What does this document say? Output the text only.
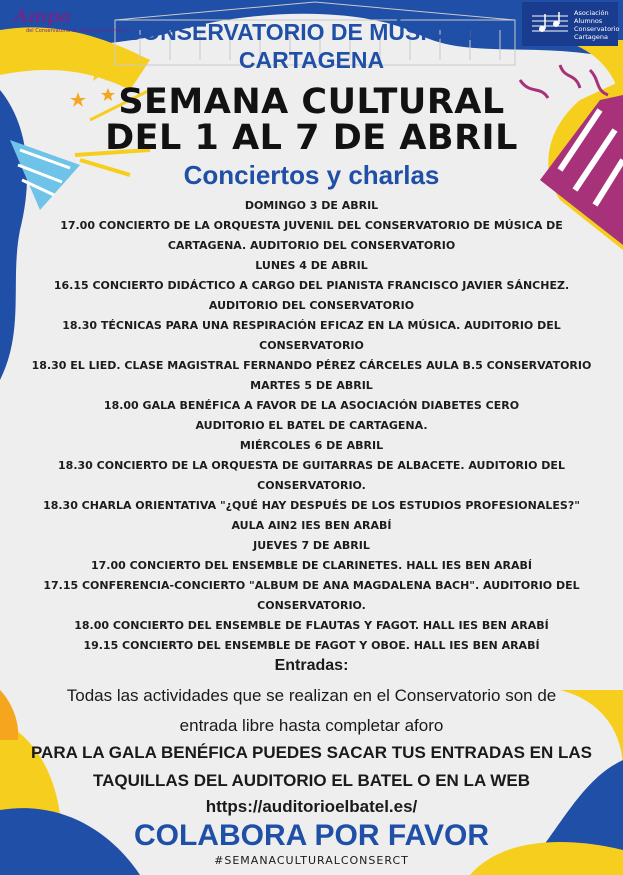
Ampa
del Conservatorio de Música de Cartagena
Asociación Alumnos Conservatorio Cartagena
CONSERVATORIO DE MÚSICA DE
CARTAGENA
SEMANA CULTURAL
DEL 1 AL 7 DE ABRIL
Conciertos y charlas
DOMINGO 3 DE ABRIL
17.00 CONCIERTO DE LA ORQUESTA JUVENIL DEL CONSERVATORIO DE MÚSICA DE
CARTAGENA. AUDITORIO DEL CONSERVATORIO
LUNES 4 DE ABRIL
16.15 CONCIERTO DIDÁCTICO A CARGO DEL PIANISTA FRANCISCO JAVIER SÁNCHEZ.
AUDITORIO DEL CONSERVATORIO
18.30 TÉCNICAS PARA UNA RESPIRACIÓN EFICAZ EN LA MÚSICA. AUDITORIO DEL
CONSERVATORIO
18.30 EL LIED. CLASE MAGISTRAL FERNANDO PÉREZ CÁRCELES AULA B.5 CONSERVATORIO
MARTES 5 DE ABRIL
18.00 GALA BENÉFICA A FAVOR DE LA ASOCIACIÓN DIABETES CERO
AUDITORIO EL BATEL DE CARTAGENA.
MIÉRCOLES 6 DE ABRIL
18.30 CONCIERTO DE LA ORQUESTA DE GUITARRAS DE ALBACETE. AUDITORIO DEL
CONSERVATORIO.
18.30 CHARLA ORIENTATIVA "¿QUÉ HAY DESPUÉS DE LOS ESTUDIOS PROFESIONALES?"
AULA AIN2 IES BEN ARABÍ
JUEVES 7 DE ABRIL
17.00 CONCIERTO DEL ENSEMBLE DE CLARINETES. HALL IES BEN ARABÍ
17.15 CONFERENCIA-CONCIERTO "ALBUM DE ANA MAGDALENA BACH". AUDITORIO DEL
CONSERVATORIO.
18.00 CONCIERTO DEL ENSEMBLE DE FLAUTAS Y FAGOT. HALL IES BEN ARABÍ
19.15 CONCIERTO DEL ENSEMBLE DE FAGOT Y OBOE. HALL IES BEN ARABÍ
Entradas:
Todas las actividades que se realizan en el Conservatorio son de
entrada libre hasta completar aforo
PARA LA GALA BENÉFICA PUEDES SACAR TUS ENTRADAS EN LAS
TAQUILLAS DEL AUDITORIO EL BATEL O EN LA WEB
https://auditorioelbatel.es/
COLABORA POR FAVOR
#SEMANACULTURALCONSERCT
